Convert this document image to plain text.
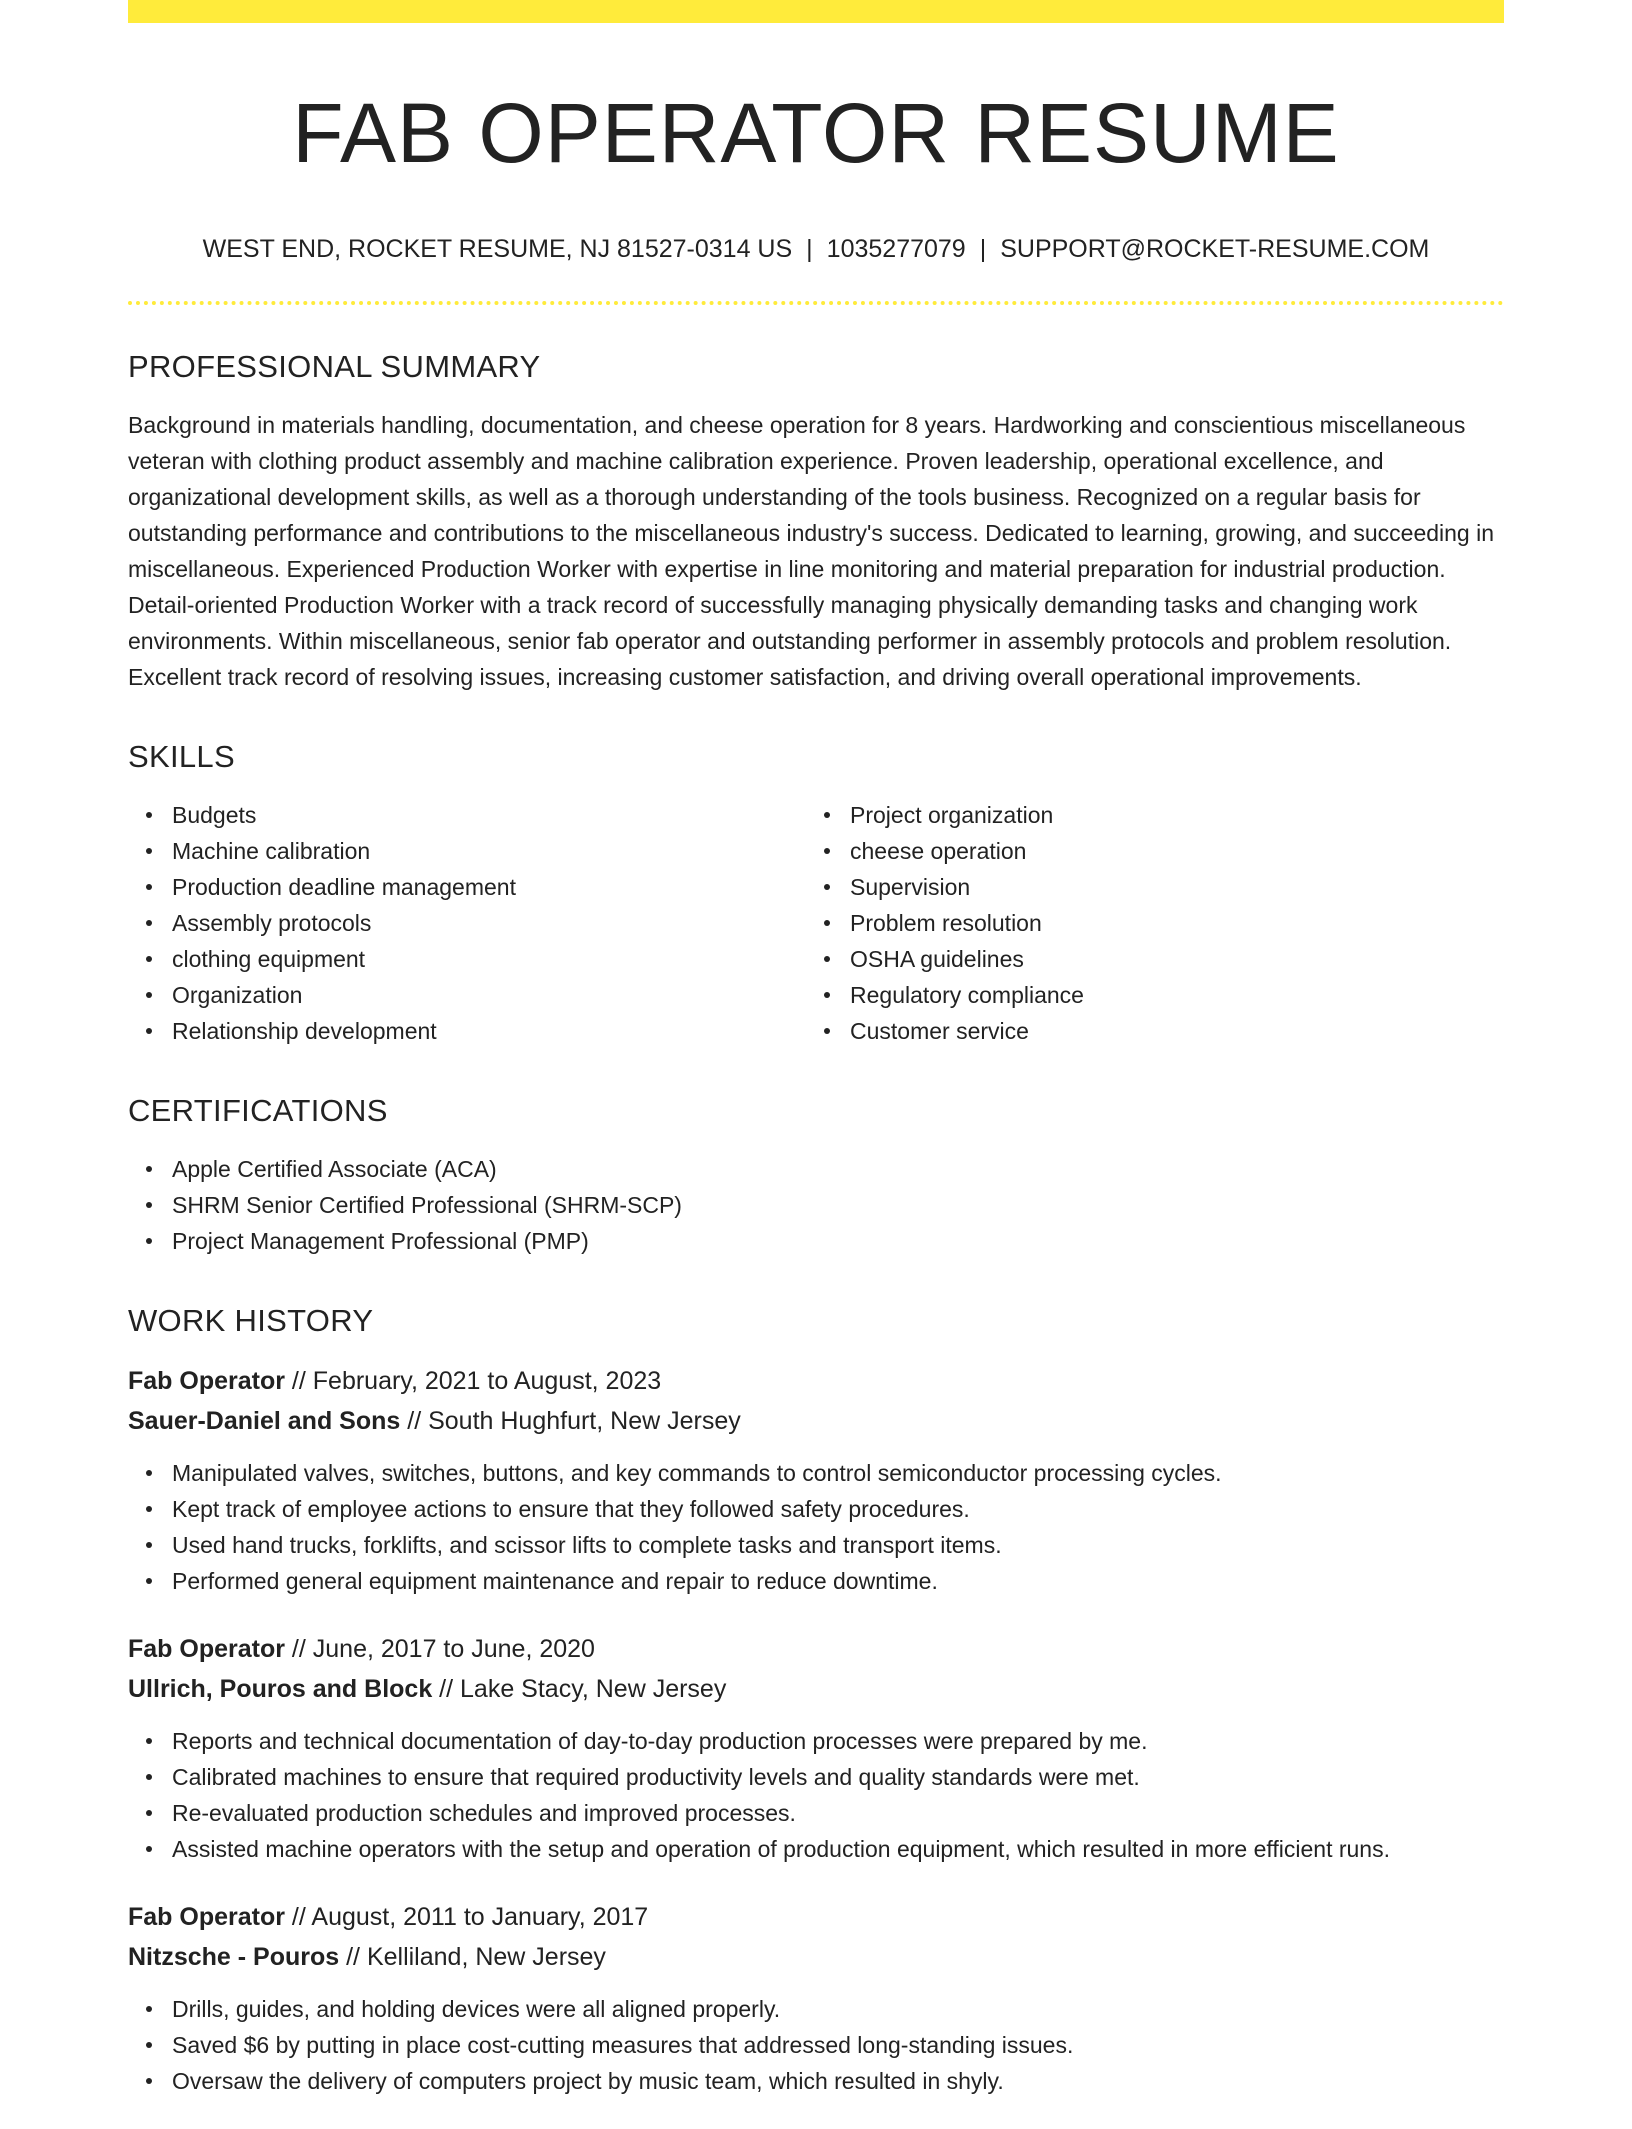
FAB OPERATOR RESUME
WEST END, ROCKET RESUME, NJ 81527-0314 US | 1035277079 | SUPPORT@ROCKET-RESUME.COM
PROFESSIONAL SUMMARY

Background in materials handling, documentation, and cheese operation for 8 years. Hardworking and conscientious miscellaneous veteran with clothing product assembly and machine calibration experience. Proven leadership, operational excellence, and organizational development skills, as well as a thorough understanding of the tools business. Recognized on a regular basis for outstanding performance and contributions to the miscellaneous industry's success. Dedicated to learning, growing, and succeeding in miscellaneous. Experienced Production Worker with expertise in line monitoring and material preparation for industrial production. Detail-oriented Production Worker with a track record of successfully managing physically demanding tasks and changing work environments. Within miscellaneous, senior fab operator and outstanding performer in assembly protocols and problem resolution. Excellent track record of resolving issues, increasing customer satisfaction, and driving overall operational improvements.

SKILLS
Budgets
Machine calibration
Production deadline management
Assembly protocols
clothing equipment
Organization
Relationship development
Project organization
cheese operation
Supervision
Problem resolution
OSHA guidelines
Regulatory compliance
Customer service
CERTIFICATIONS
Apple Certified Associate (ACA)
SHRM Senior Certified Professional (SHRM-SCP)
Project Management Professional (PMP)
WORK HISTORY
Fab Operator // February, 2021 to August, 2023
Sauer-Daniel and Sons // South Hughfurt, New Jersey
Manipulated valves, switches, buttons, and key commands to control semiconductor processing cycles.
Kept track of employee actions to ensure that they followed safety procedures.
Used hand trucks, forklifts, and scissor lifts to complete tasks and transport items.
Performed general equipment maintenance and repair to reduce downtime.
Fab Operator // June, 2017 to June, 2020
Ullrich, Pouros and Block // Lake Stacy, New Jersey
Reports and technical documentation of day-to-day production processes were prepared by me.
Calibrated machines to ensure that required productivity levels and quality standards were met.
Re-evaluated production schedules and improved processes.
Assisted machine operators with the setup and operation of production equipment, which resulted in more efficient runs.
Fab Operator // August, 2011 to January, 2017
Nitzsche - Pouros // Kelliland, New Jersey
Drills, guides, and holding devices were all aligned properly.
Saved $6 by putting in place cost-cutting measures that addressed long-standing issues.
Oversaw the delivery of computers project by music team, which resulted in shyly.
